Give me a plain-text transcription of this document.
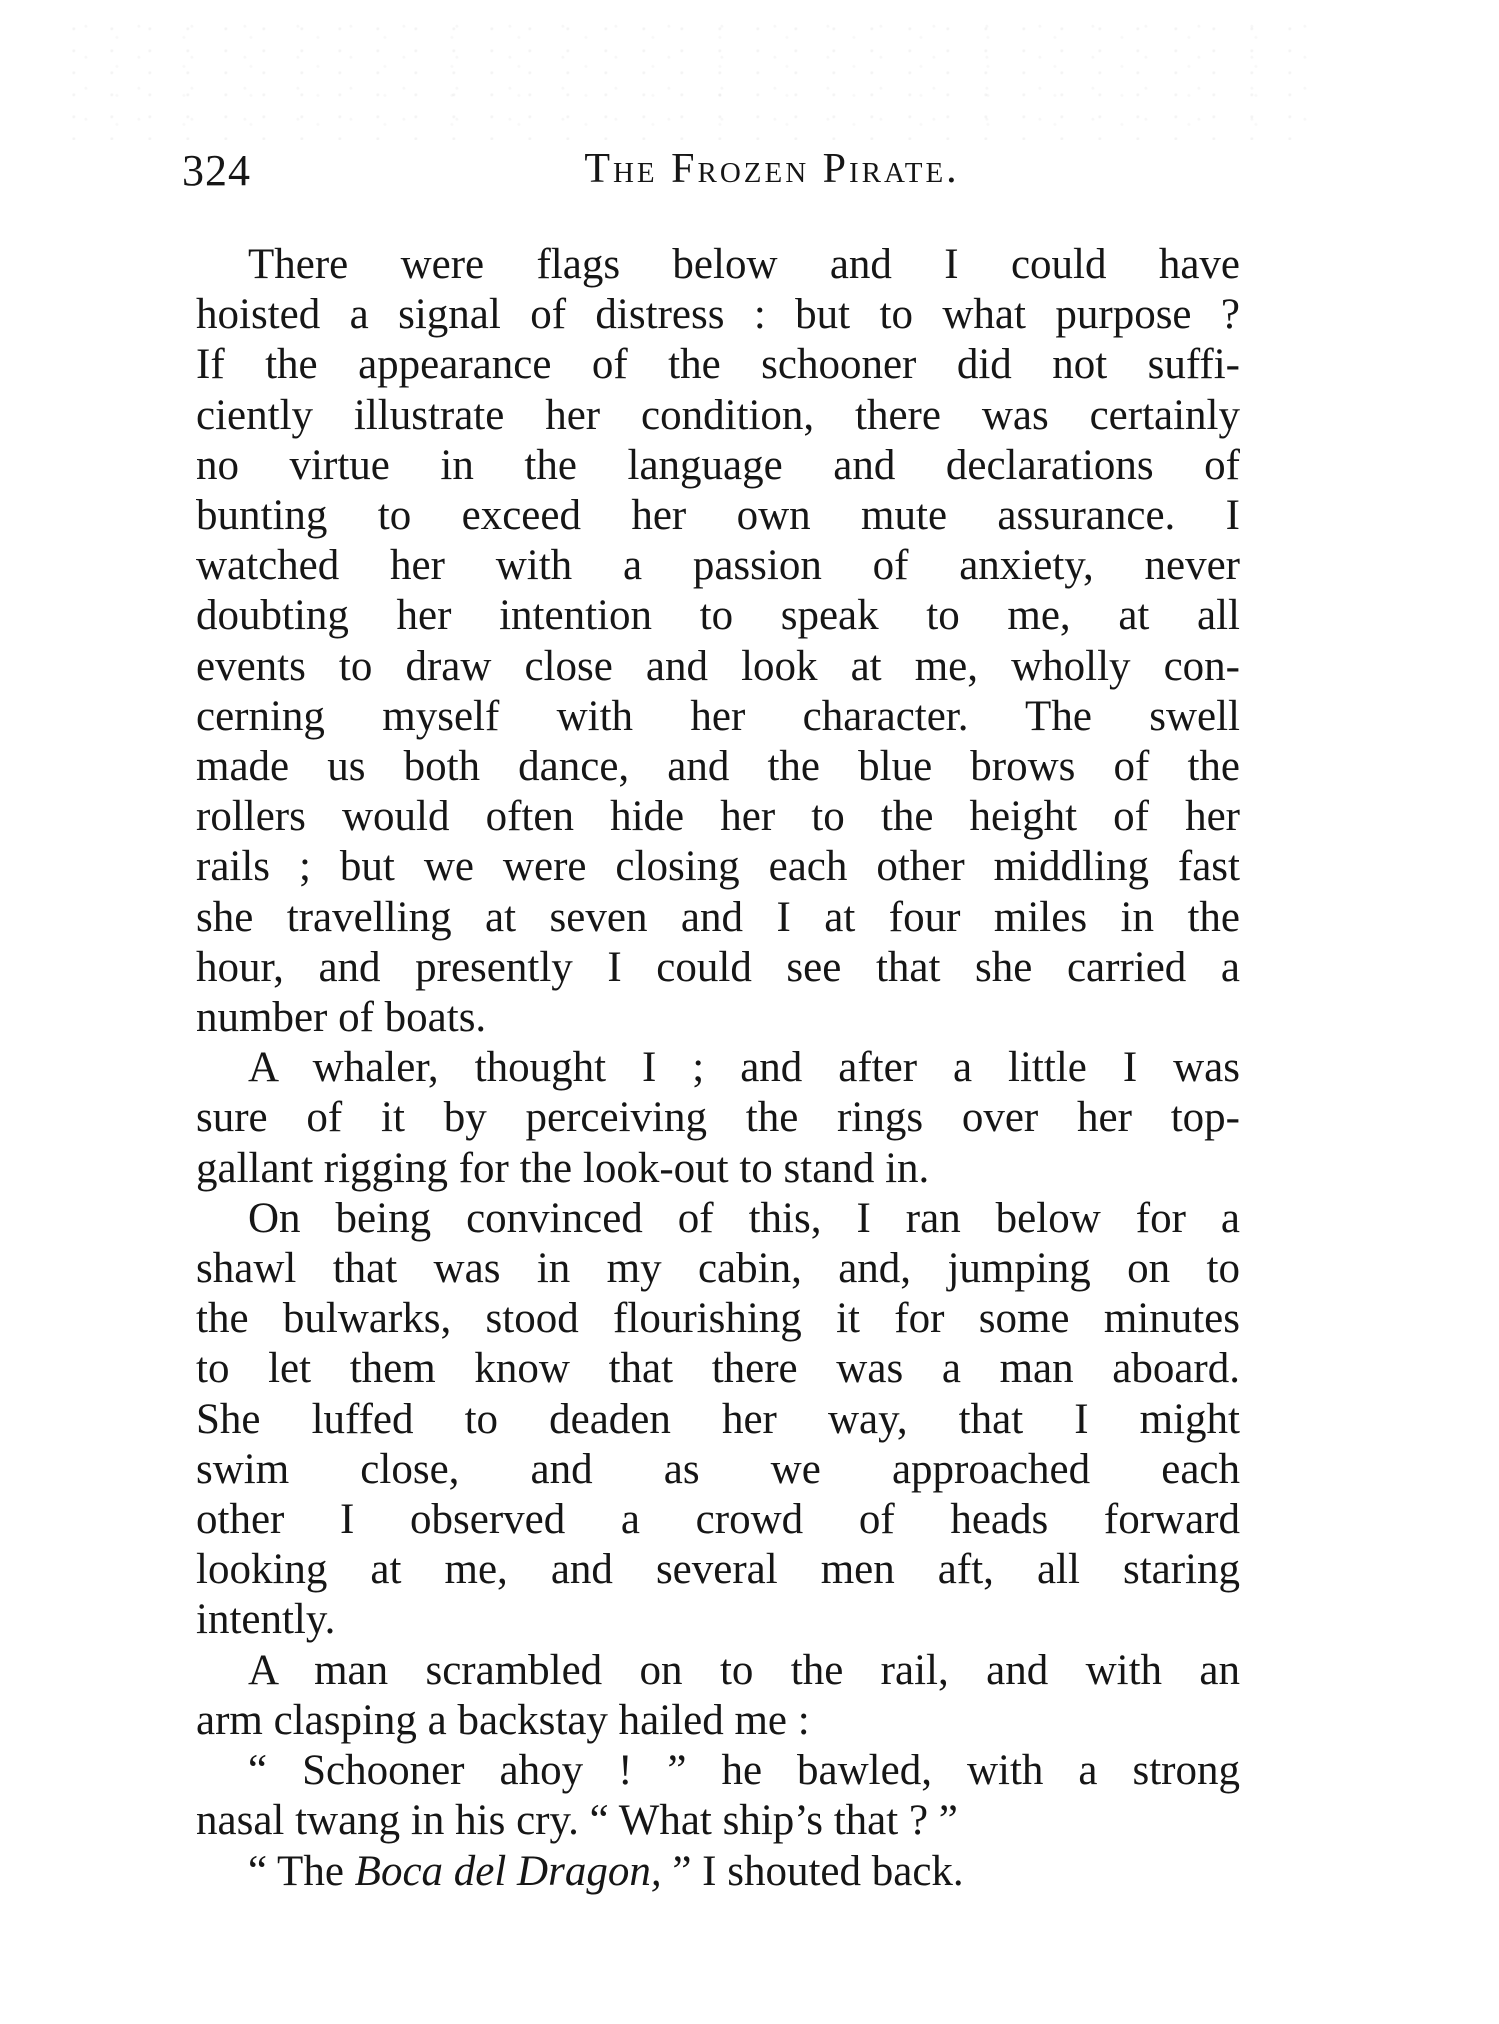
324	The Frozen Pirate.

There were flags below and I could have
hoisted a signal of distress : but to what purpose ?
If the appearance of the schooner did not suffi-
ciently illustrate her condition, there was certainly
no virtue in the language and declarations of
bunting to exceed her own mute assurance. I
watched her with a passion of anxiety, never
doubting her intention to speak to me, at all
events to draw close and look at me, wholly con-
cerning myself with her character. The swell
made us both dance, and the blue brows of the
rollers would often hide her to the height of her
rails ; but we were closing each other middling fast
she travelling at seven and I at four miles in the
hour, and presently I could see that she carried a
number of boats.

A whaler, thought I ; and after a little I was
sure of it by perceiving the rings over her top-
gallant rigging for the look-out to stand in.

On being convinced of this, I ran below for a
shawl that was in my cabin, and, jumping on to
the bulwarks, stood flourishing it for some minutes
to let them know that there was a man aboard.
She luffed to deaden her way, that I might
swim close, and as we approached each
other I observed a crowd of heads forward
looking at me, and several men aft, all staring
intently.

A man scrambled on to the rail, and with an
arm clasping a backstay hailed me :

“ Schooner ahoy ! ” he bawled, with a strong
nasal twang in his cry. “ What ship’s that ? ”

“ The Boca del Dragon, ” I shouted back.
